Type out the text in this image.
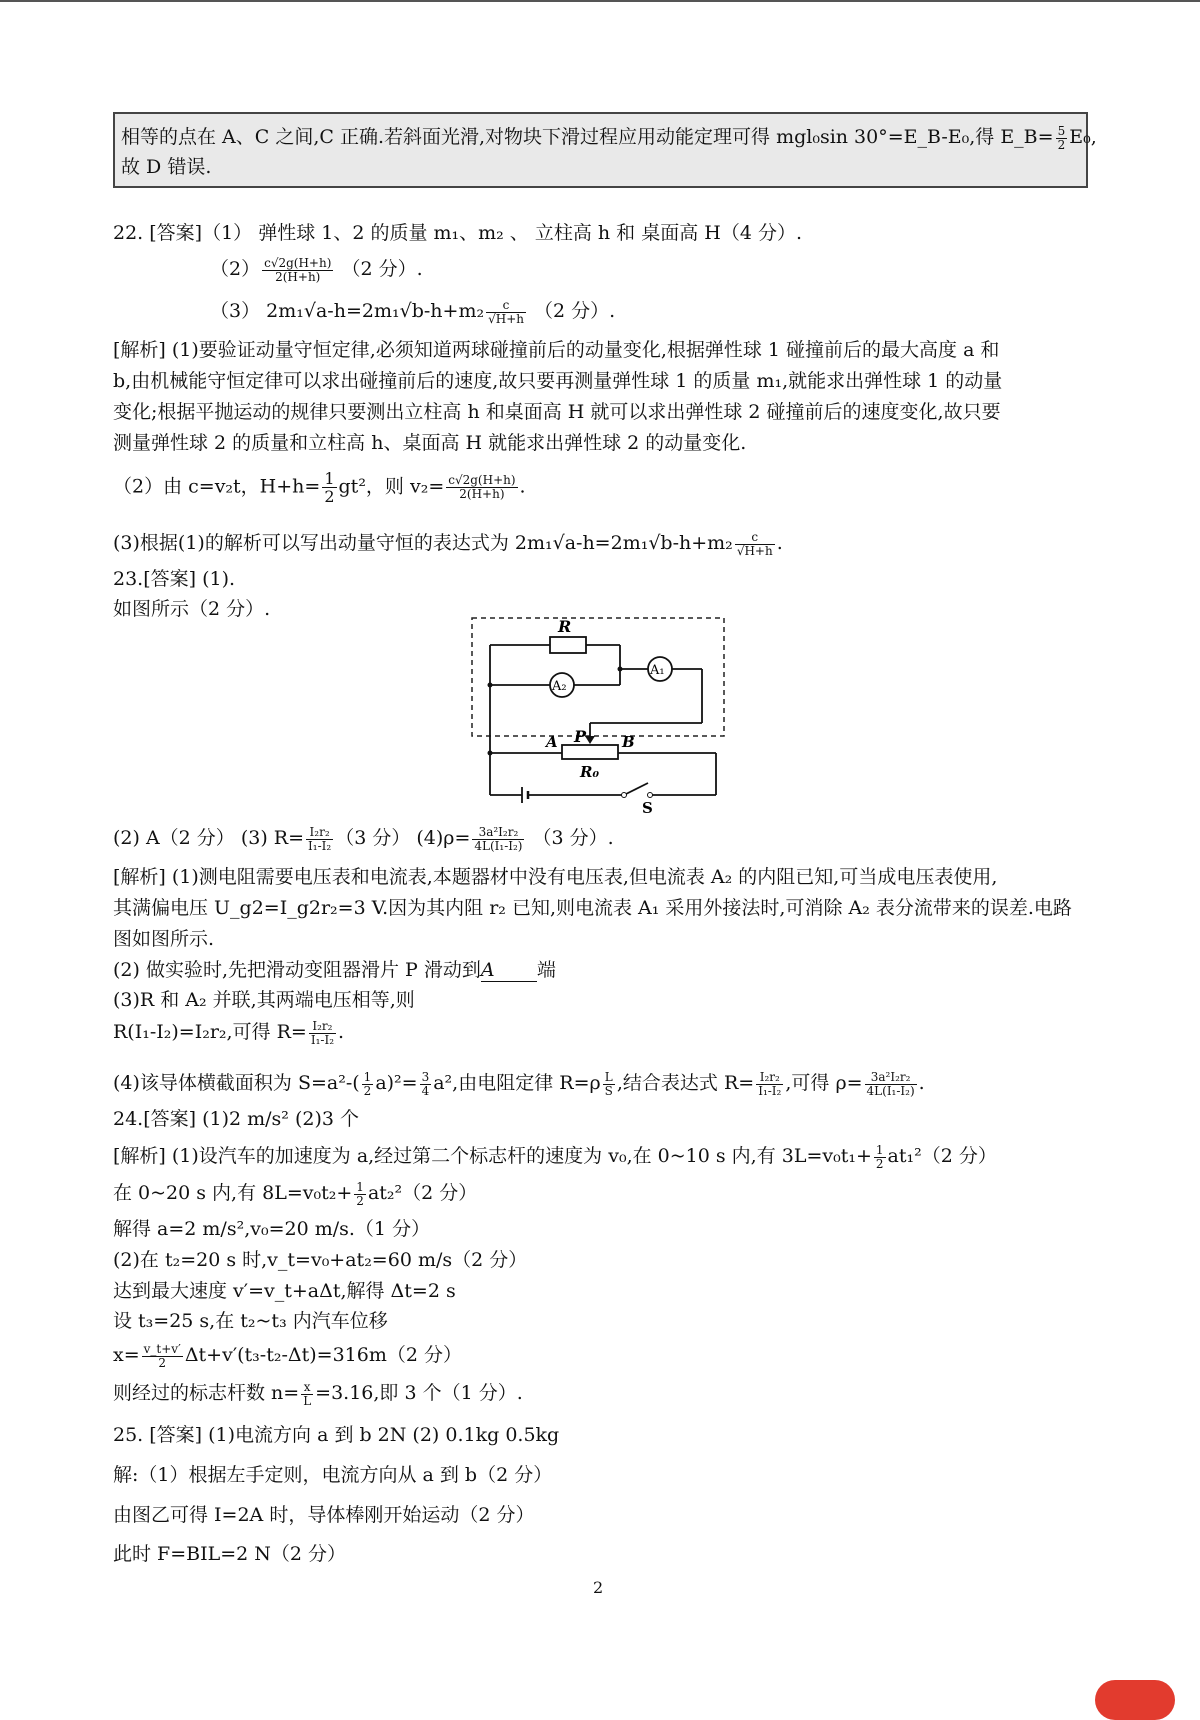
相等的点在 A、C 之间,C 正确.若斜面光滑,对物块下滑过程应用动能定理可得 mgl₀sin 30°=E_B-E₀,得 E_B= $\frac{5}{2} E_0$,
故 D 错误.
22. [答案]（1） 弹性球 1、2 的质量 m₁、m₂ 、 立柱高 h 和 桌面高 H（4 分）.
$(2) \frac{c√2g(H+h)}{2(H+h)} (2$ 分）.
（3） $2m_1√a-h=2m_1√b-h+m_2 \frac{c}{√H+h} (2$ 分）.
[解析] (1)要验证动量守恒定律,必须知道两球碰撞前后的动量变化,根据弹性球 1 碰撞前后的最大高度 a 和
b,由机械能守恒定律可以求出碰撞前后的速度,故只要再测量弹性球 1 的质量 m₁,就能求出弹性球 1 的动量
变化;根据平抛运动的规律只要测出立柱高 h 和桌面高 H 就可以求出弹性球 2 碰撞前后的速度变化,故只要
测量弹性球 2 的质量和立柱高 h、桌面高 H 就能求出弹性球 2 的动量变化.
（2）由 c=v₂t，$H+h= \frac{1}{2} gt^2$，则 $v_2= \frac{c√2g(H+h)}{2(H+h)}$ .
(3)根据(1)的解析可以写出动量守恒的表达式为 $2m_1√a-h=2m_1√b-h+m_2 \frac{c}{√H+h}$ .
23.[答案] (1).
如图所示（2 分）.
R
A₂
A₁
A P B
R₀
S
(2) A（2 分） (3) $R= \frac{\text{I₂r₂}}{\text{I₁-I₂}} (3$ 分） $(4)\rho= \frac{\text{3a²I₂r₂}}{\text{4L(I₁-I₂)}} (3$ 分）.
[解析] (1)测电阻需要电压表和电流表,本题器材中没有电压表,但电流表 A₂ 的内阻已知,可当成电压表使用,
其满偏电压 U_g2=I_g2r₂=3 V.因为其内阻 r₂ 已知,则电流表 A₁ 采用外接法时,可消除 A₂ 表分流带来的误差.电路
图如图所示.
(2) 做实验时,先把滑动变阻器滑片 P 滑动到A 端
(3)R 和 A₂ 并联,其两端电压相等,则
R(I₁-I₂)=I₂r₂,可得 $R= \frac{\text{I₂r₂}}{\text{I₁-I₂}}$ .
(4)该导体横截面积为 $S=a^2-( \frac{1}{2} a)^2= \frac{3}{4} a^2$,由电阻定律 $R=\rho \frac{L}{S}$ ,结合表达式 $R= \frac{\text{I₂r₂}}{\text{I₁-I₂}}$ ,可得 $\rho= \frac{\text{3a²I₂r₂}}{\text{4L(I₁-I₂)}}$ .
24.[答案] (1)2 m/s² (2)3 个
[解析] (1)设汽车的加速度为 a,经过第二个标志杆的速度为 v₀,在 0~10 s 内,有 $3L=v_0t_1+ \frac{1}{2} at_1^2(2$ 分）
在 0~20 s 内,有 $8L=v_0t_2+ \frac{1}{2} at_2^2(2$ 分）
解得 a=2 m/s²,v₀=20 m/s.（1 分）
(2)在 t₂=20 s 时,v_t=v₀+at₂=60 m/s（2 分）
达到最大速度 v′=v_t+aΔt,解得 Δt=2 s
设 t₃=25 s,在 t₂~t₃ 内汽车位移
$x= \frac{v\_t+v'}{2} \Delta t+v'(t_3-t_2-\Delta t)=316m(2$ 分）
则经过的标志杆数 $n= \frac{x}{L} =3.16$,即 3 个（1 分）.
25. [答案] (1)电流方向 a 到 b 2N (2) 0.1kg 0.5kg
解:（1）根据左手定则，电流方向从 a 到 b（2 分）
由图乙可得 I=2A 时，导体棒刚开始运动（2 分）
此时 F=BIL=2 N（2 分）
2
